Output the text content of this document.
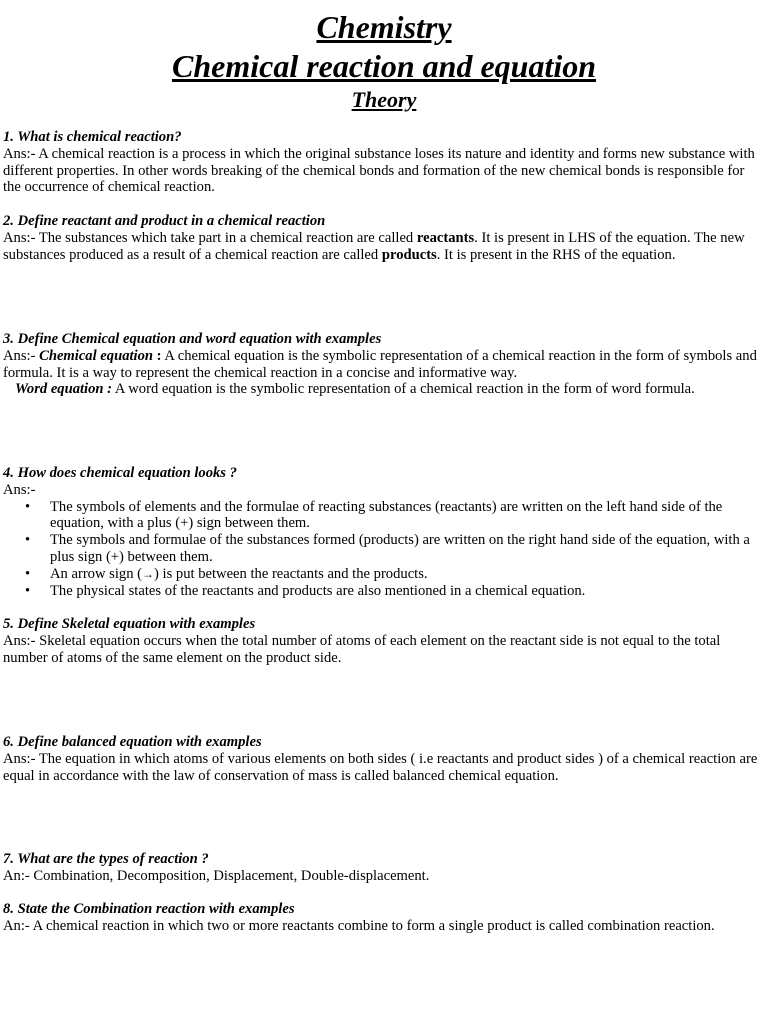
Chemistry
Chemical reaction and equation
Theory
1. What is chemical reaction?
Ans:- A chemical reaction is a process in which the original substance loses its nature and identity and forms new substance with different properties. In other words breaking of the chemical bonds and formation of the new chemical bonds is responsible for the occurrence of chemical reaction.
2. Define reactant and product in a chemical reaction
Ans:- The substances which take part in a chemical reaction are called reactants. It is present in LHS of the equation. The new substances produced as a result of a chemical reaction are called products. It is present in the RHS of the equation.
3. Define Chemical equation and word equation with examples
Ans:- Chemical equation : A chemical equation is the symbolic representation of a chemical reaction in the form of symbols and formula. It is a way to represent the chemical reaction in a concise and informative way.
Word equation : A word equation is the symbolic representation of a chemical reaction in the form of word formula.
4. How does chemical equation looks ?
Ans:-
• The symbols of elements and the formulae of reacting substances (reactants) are written on the left hand side of the equation, with a plus (+) sign between them.
• The symbols and formulae of the substances formed (products) are written on the right hand side of the equation, with a plus sign (+) between them.
• An arrow sign (→) is put between the reactants and the products.
• The physical states of the reactants and products are also mentioned in a chemical equation.
5. Define Skeletal equation with examples
Ans:- Skeletal equation occurs when the total number of atoms of each element on the reactant side is not equal to the total number of atoms of the same element on the product side.
6. Define balanced equation with examples
Ans:- The equation in which atoms of various elements on both sides ( i.e reactants and product sides ) of a chemical reaction are equal in accordance with the law of conservation of mass is called balanced chemical equation.
7. What are the types of reaction ?
An:- Combination, Decomposition, Displacement, Double-displacement.
8. State the Combination reaction with examples
An:- A chemical reaction in which two or more reactants combine to form a single product is called combination reaction.
